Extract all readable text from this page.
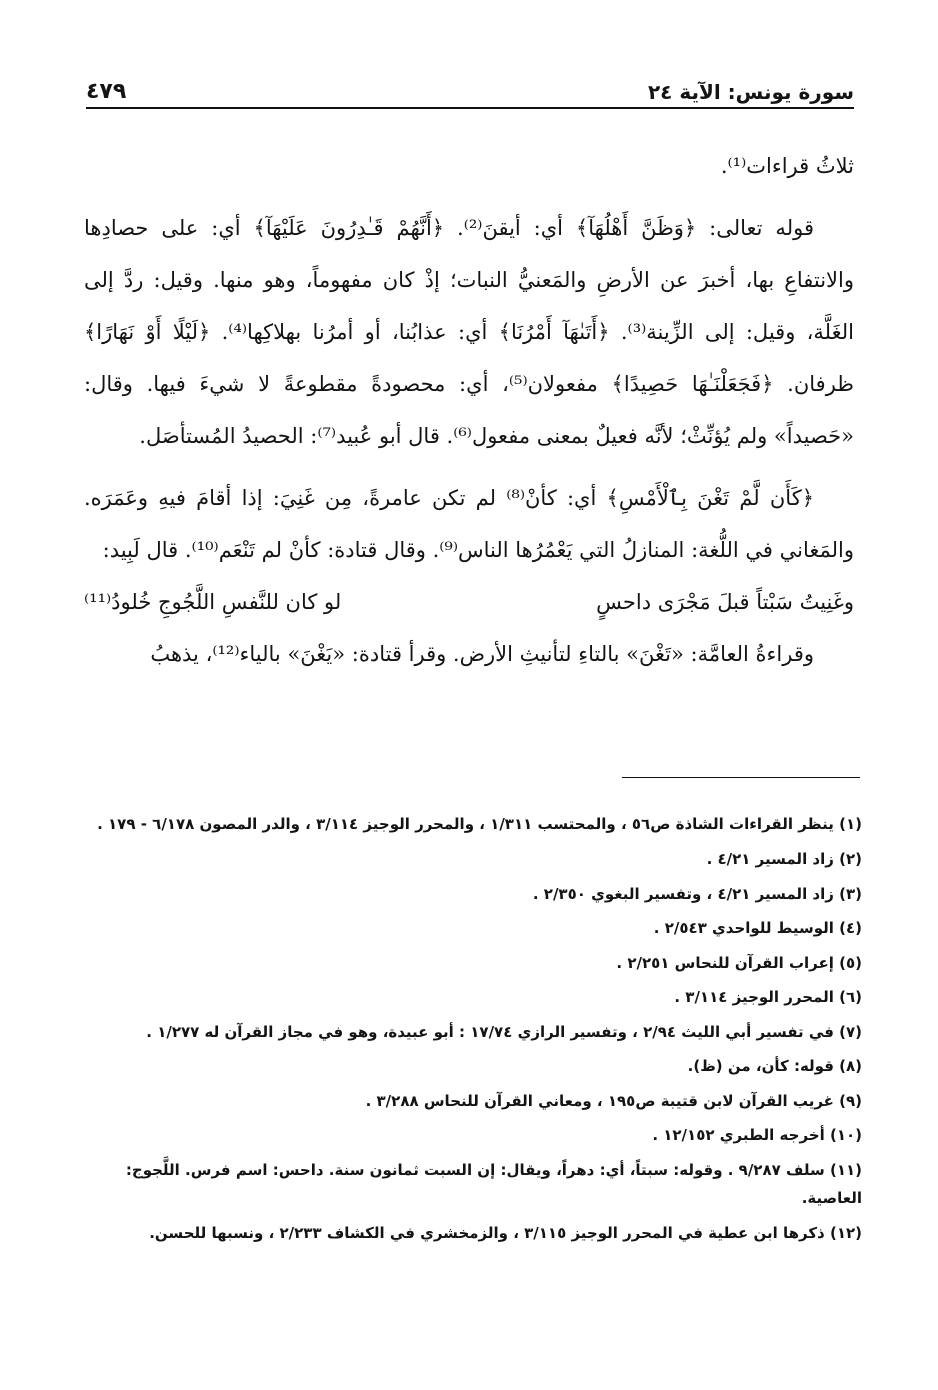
سورة يونس: الآية ٢٤
٤٧٩

ثلاثُ قراءات⁽¹⁾.

قوله تعالى: ﴿وَظَنَّ أَهْلُهَآ﴾ أي: أيقنَ⁽²⁾. ﴿أَنَّهُمْ قَـٰدِرُونَ عَلَيْهَآ﴾ أي: على حصادِها والانتفاعِ بها، أخبرَ عن الأرضِ والمَعنيُّ النبات؛ إذْ كان مفهوماً، وهو منها. وقيل: ردَّ إلى الغَلَّة، وقيل: إلى الزِّينة⁽³⁾. ﴿أَتَىٰهَآ أَمْرُنَا﴾ أي: عذابُنا، أو أمرُنا بهلاكِها⁽⁴⁾. ﴿لَيْلًا أَوْ نَهَارًا﴾ ظرفان. ﴿فَجَعَلْنَـٰهَا حَصِيدًا﴾ مفعولان⁽⁵⁾، أي: محصودةً مقطوعةً لا شيءَ فيها. وقال: «حَصيداً» ولم يُؤنِّثْ؛ لأنَّه فعيلٌ بمعنى مفعول⁽⁶⁾. قال أبو عُبيد⁽⁷⁾: الحصيدُ المُستأصَل.

﴿كَأَن لَّمْ تَغْنَ بِٱلْأَمْسِ﴾ أي: كأنْ⁽⁸⁾ لم تكن عامرةً، مِن غَنِيَ: إذا أقامَ فيهِ وعَمَرَه. والمَغاني في اللُّغة: المنازلُ التي يَعْمُرُها الناس⁽⁹⁾. وقال قتادة: كأنْ لم تَنْعَم⁽¹⁰⁾. قال لَبِيد:

وغَنِيتُ سَبْتاً قبلَ مَجْرَى داحسٍ
لو كان للنَّفسِ اللَّجُوجِ خُلودُ⁽¹¹⁾

وقراءةُ العامَّة: «تَغْنَ» بالتاءِ لتأنيثِ الأرض. وقرأ قتادة: «يَغْنَ» بالياء⁽¹²⁾، يذهبُ

(١) ينظر القراءات الشاذة ص٥٦ ، والمحتسب ١/٣١١ ، والمحرر الوجيز ٣/١١٤ ، والدر المصون ٦/١٧٨ - ١٧٩ .

(٢) زاد المسير ٤/٢١ .

(٣) زاد المسير ٤/٢١ ، وتفسير البغوي ٢/٣٥٠ .

(٤) الوسيط للواحدي ٢/٥٤٣ .

(٥) إعراب القرآن للنحاس ٢/٢٥١ .

(٦) المحرر الوجيز ٣/١١٤ .

(٧) في تفسير أبي الليث ٢/٩٤ ، وتفسير الرازي ١٧/٧٤ : أبو عبيدة، وهو في مجاز القرآن له ١/٢٧٧ .

(٨) قوله: كأن، من (ظ).

(٩) غريب القرآن لابن قتيبة ص١٩٥ ، ومعاني القرآن للنحاس ٣/٢٨٨ .

(١٠) أخرجه الطبري ١٢/١٥٢ .

(١١) سلف ٩/٢٨٧ . وقوله: سبتاً، أي: دهراً، ويقال: إن السبت ثمانون سنة. داحس: اسم فرس. اللَّجوج: العاصية.

(١٢) ذكرها ابن عطية في المحرر الوجيز ٣/١١٥ ، والزمخشري في الكشاف ٢/٢٣٣ ، ونسبها للحسن.
